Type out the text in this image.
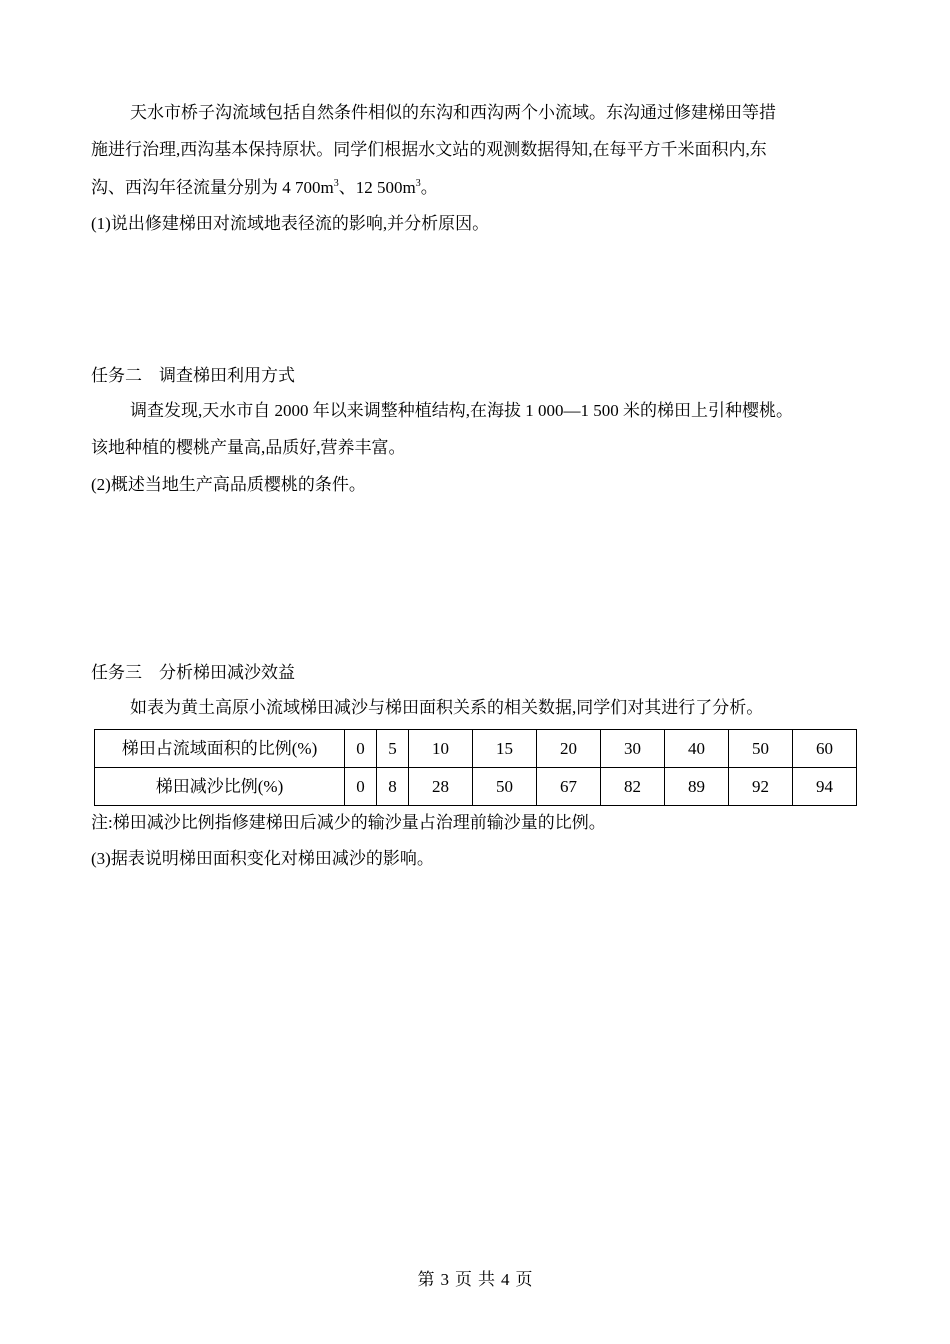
天水市桥子沟流域包括自然条件相似的东沟和西沟两个小流域。东沟通过修建梯田等措
施进行治理,西沟基本保持原状。同学们根据水文站的观测数据得知,在每平方千米面积内,东
沟、西沟年径流量分别为 4 $700m^3$、12 $500m^3$。
(1)说出修建梯田对流域地表径流的影响,并分析原因。
任务二　调查梯田利用方式
调查发现,天水市自 2000 年以来调整种植结构,在海拔 1 000—1 500 米的梯田上引种樱桃。
该地种植的樱桃产量高,品质好,营养丰富。
(2)概述当地生产高品质樱桃的条件。
任务三　分析梯田减沙效益
如表为黄土高原小流域梯田减沙与梯田面积关系的相关数据,同学们对其进行了分析。
梯田占流域面积的比例(%)	0	5	10	15	20	30	40	50	60
梯田减沙比例(%)	0	8	28	50	67	82	89	92	94
注:梯田减沙比例指修建梯田后减少的输沙量占治理前输沙量的比例。
(3)据表说明梯田面积变化对梯田减沙的影响。
第 3 页 共 4 页
